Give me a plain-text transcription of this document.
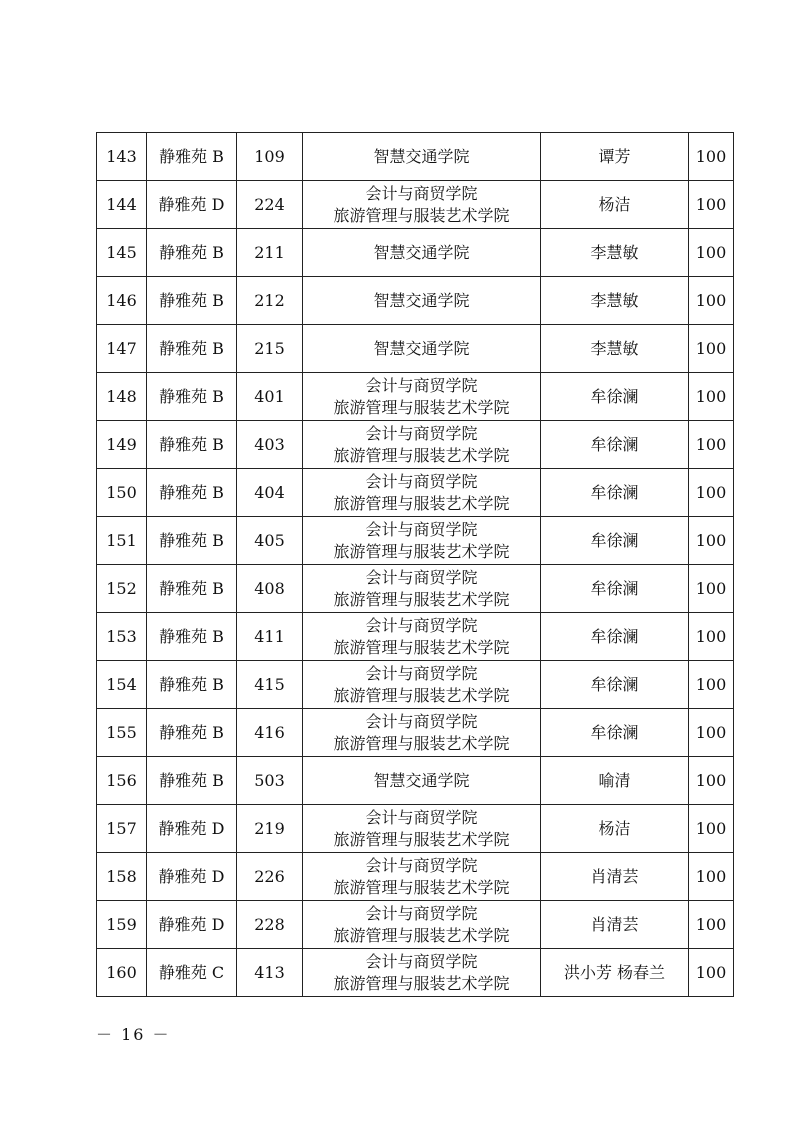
143	静雅苑 B	109	智慧交通学院	谭芳	100
144	静雅苑 D	224	会计与商贸学院
旅游管理与服装艺术学院	杨洁	100
145	静雅苑 B	211	智慧交通学院	李慧敏	100
146	静雅苑 B	212	智慧交通学院	李慧敏	100
147	静雅苑 B	215	智慧交通学院	李慧敏	100
148	静雅苑 B	401	会计与商贸学院
旅游管理与服装艺术学院	牟徐澜	100
149	静雅苑 B	403	会计与商贸学院
旅游管理与服装艺术学院	牟徐澜	100
150	静雅苑 B	404	会计与商贸学院
旅游管理与服装艺术学院	牟徐澜	100
151	静雅苑 B	405	会计与商贸学院
旅游管理与服装艺术学院	牟徐澜	100
152	静雅苑 B	408	会计与商贸学院
旅游管理与服装艺术学院	牟徐澜	100
153	静雅苑 B	411	会计与商贸学院
旅游管理与服装艺术学院	牟徐澜	100
154	静雅苑 B	415	会计与商贸学院
旅游管理与服装艺术学院	牟徐澜	100
155	静雅苑 B	416	会计与商贸学院
旅游管理与服装艺术学院	牟徐澜	100
156	静雅苑 B	503	智慧交通学院	喻清	100
157	静雅苑 D	219	会计与商贸学院
旅游管理与服装艺术学院	杨洁	100
158	静雅苑 D	226	会计与商贸学院
旅游管理与服装艺术学院	肖清芸	100
159	静雅苑 D	228	会计与商贸学院
旅游管理与服装艺术学院	肖清芸	100
160	静雅苑 C	413	会计与商贸学院
旅游管理与服装艺术学院	洪小芳 杨春兰	100
－ 16 －
